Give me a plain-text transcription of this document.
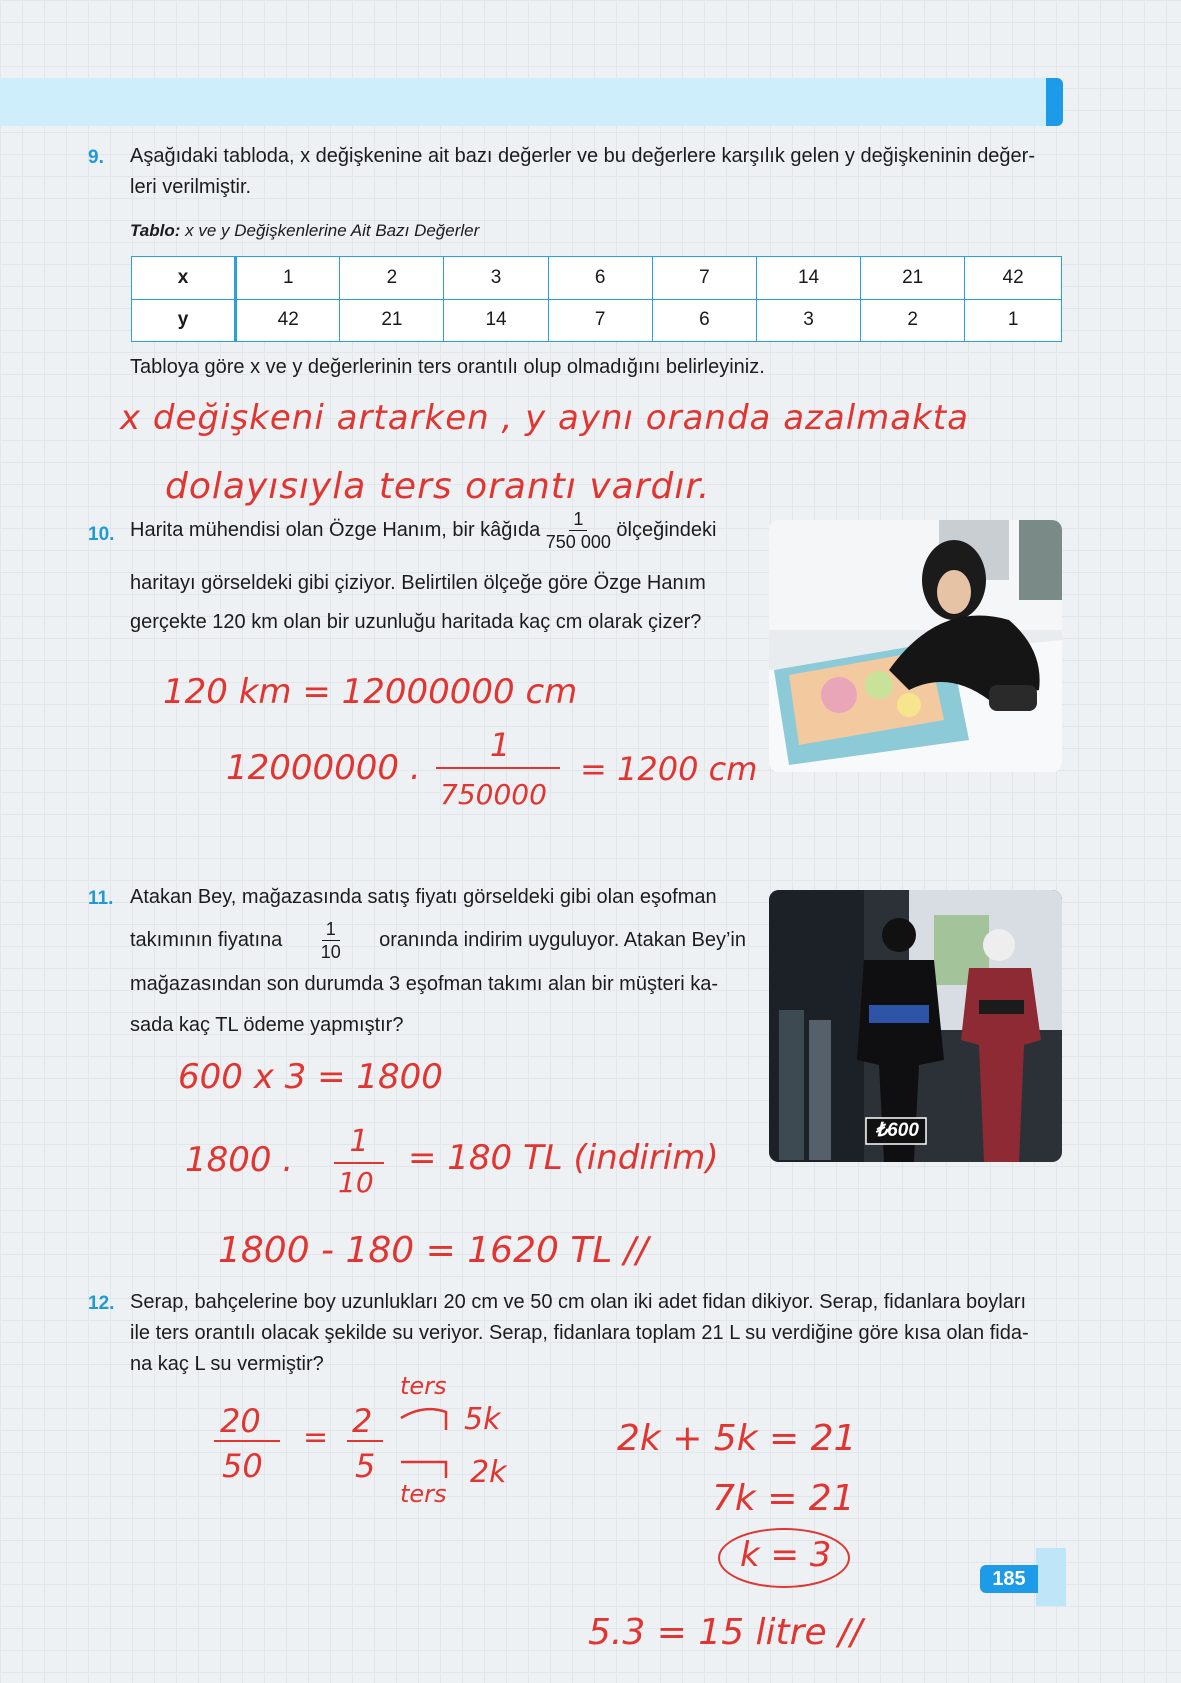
9. Aşağıdaki tabloda, x değişkenine ait bazı değerler ve bu değerlere karşılık gelen y değişkeninin değer-
leri verilmiştir.
Tablo: x ve y Değişkenlerine Ait Bazı Değerler
x	1	2	3	6	7	14	21	42
y	42	21	14	7	6	3	2	1
Tabloya göre x ve y değerlerinin ters orantılı olup olmadığını belirleyiniz.
x değişkeni artarken , y aynı oranda azalmakta
dolayısıyla ters orantı vardır.
10. Harita mühendisi olan Özge Hanım, bir kâğıda $\frac{1}{750 000}$ ölçeğindeki
haritayı görseldeki gibi çiziyor. Belirtilen ölçeğe göre Özge Hanım
gerçekte 120 km olan bir uzunluğu haritada kaç cm olarak çizer?
120 km = 12000000 cm
12000000 .
1
750000
= 1200 cm
11. Atakan Bey, mağazasında satış fiyatı görseldeki gibi olan eşofman
takımının fiyatına $\frac{1}{10}$ oranında indirim uyguluyor. Atakan Bey’in
mağazasından son durumda 3 eşofman takımı alan bir müşteri ka-
sada kaç TL ödeme yapmıştır?
₺600
600 x 3 = 1800
1800 .	1
10
= 180 TL (indirim)
1800 - 180 = 1620 TL //
12. Serap, bahçelerine boy uzunlukları 20 cm ve 50 cm olan iki adet fidan dikiyor. Serap, fidanlara boyları
ile ters orantılı olacak şekilde su veriyor. Serap, fidanlara toplam 21 L su verdiğine göre kısa olan fida-
na kaç L su vermiştir?
20
50
= 2
5
ters
5k
2k
ters
2k + 5k = 21
7k = 21
k = 3
5.3 = 15 litre //
185
